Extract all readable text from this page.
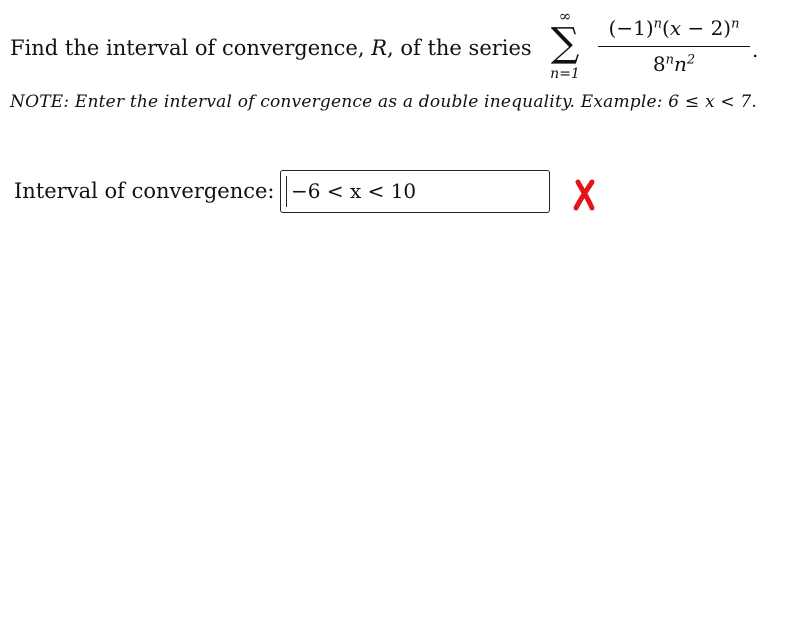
Find the interval of convergence, R, of the series
∞
∑
n=1
$(-1)^n(x - 2)^n$
$8^nn^2$	.
NOTE: Enter the interval of convergence as a double inequality. Example: 6 ≤ x < 7.
Interval of convergence: −6 < x < 10
